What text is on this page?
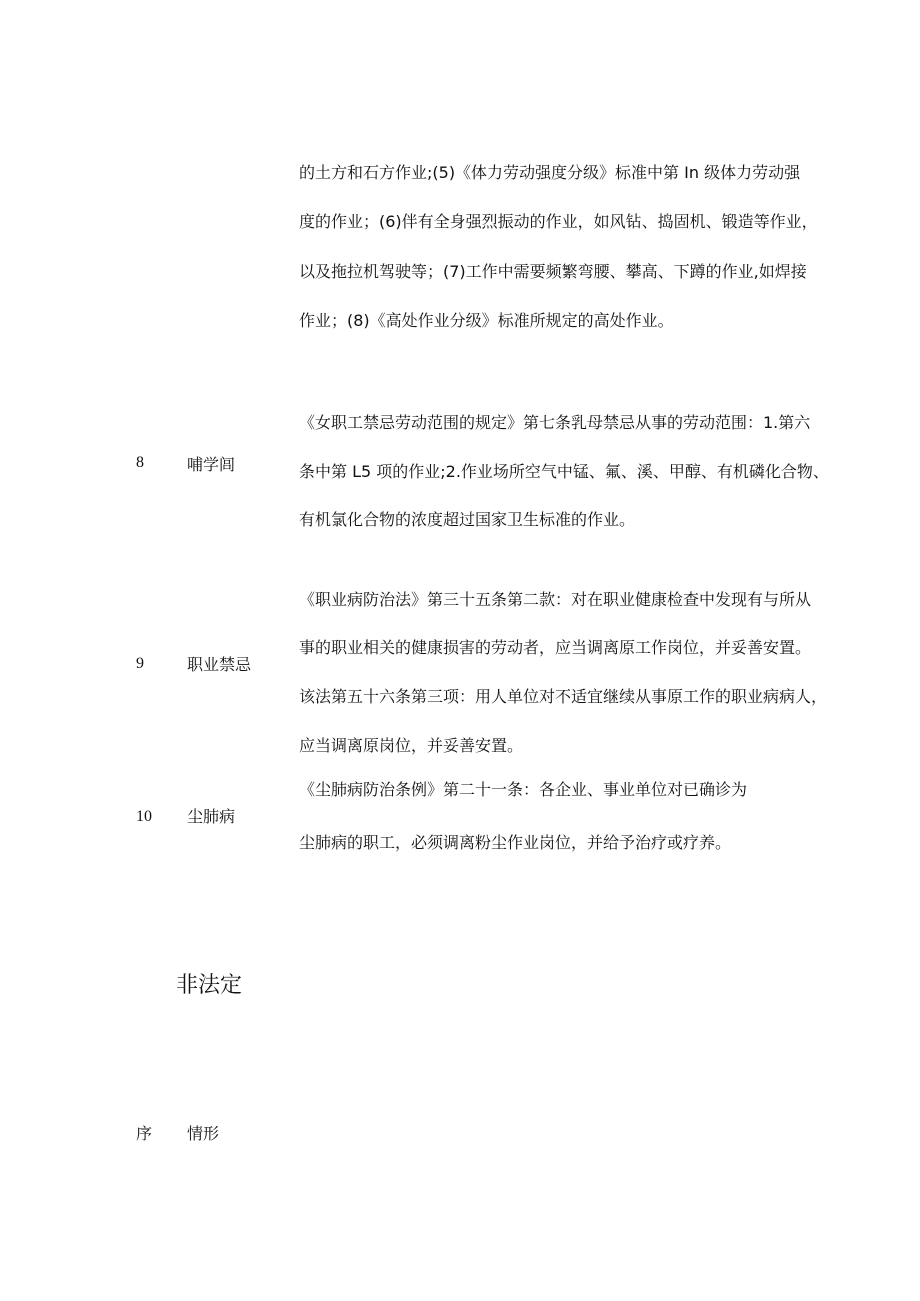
的土方和石方作业;(5)《体力劳动强度分级》标准中第 In 级体力劳动强
度的作业；(6)伴有全身强烈振动的作业，如风钻、捣固机、锻造等作业，
以及拖拉机驾驶等；(7)工作中需要频繁弯腰、攀高、下蹲的作业,如焊接
作业；(8)《高处作业分级》标准所规定的高处作业。
8	哺学闾
《女职工禁忌劳动范围的规定》第七条乳母禁忌从事的劳动范围：1.第六
条中第 L5 项的作业;2.作业场所空气中锰、氟、溪、甲醇、有机磷化合物、
有机氯化合物的浓度超过国家卫生标准的作业。
9	职业禁忌
《职业病防治法》第三十五条第二款：对在职业健康检查中发现有与所从
事的职业相关的健康损害的劳动者，应当调离原工作岗位，并妥善安置。
该法第五十六条第三项：用人单位对不适宜继续从事原工作的职业病病人，
应当调离原岗位，并妥善安置。
10 尘肺病
《尘肺病防治条例》第二十一条：各企业、事业单位对已确诊为
尘肺病的职工，必须调离粉尘作业岗位，并给予治疗或疗养。
非法定
序 情形
